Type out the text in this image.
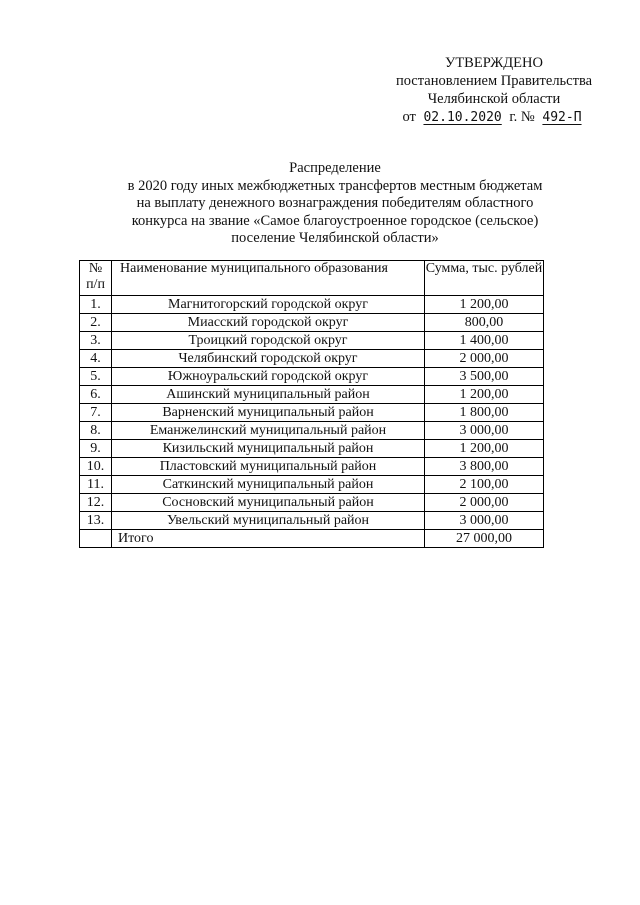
УТВЕРЖДЕНО
постановлением Правительства
Челябинской области
от 02.10.2020 г. № 492-П
Распределение
в 2020 году иных межбюджетных трансфертов местным бюджетам
на выплату денежного вознаграждения победителям областного
конкурса на звание «Самое благоустроенное городское (сельское)
поселение Челябинской области»
№
п/п	Наименование муниципального образования	Сумма, тыс. рублей
1.	Магнитогорский городской округ	1 200,00
2.	Миасский городской округ	800,00
3.	Троицкий городской округ	1 400,00
4.	Челябинский городской округ	2 000,00
5.	Южноуральский городской округ	3 500,00
6.	Ашинский муниципальный район	1 200,00
7.	Варненский муниципальный район	1 800,00
8.	Еманжелинский муниципальный район	3 000,00
9.	Кизильский муниципальный район	1 200,00
10.	Пластовский муниципальный район	3 800,00
11.	Саткинский муниципальный район	2 100,00
12.	Сосновский муниципальный район	2 000,00
13.	Увельский муниципальный район	3 000,00
	Итого	27 000,00
